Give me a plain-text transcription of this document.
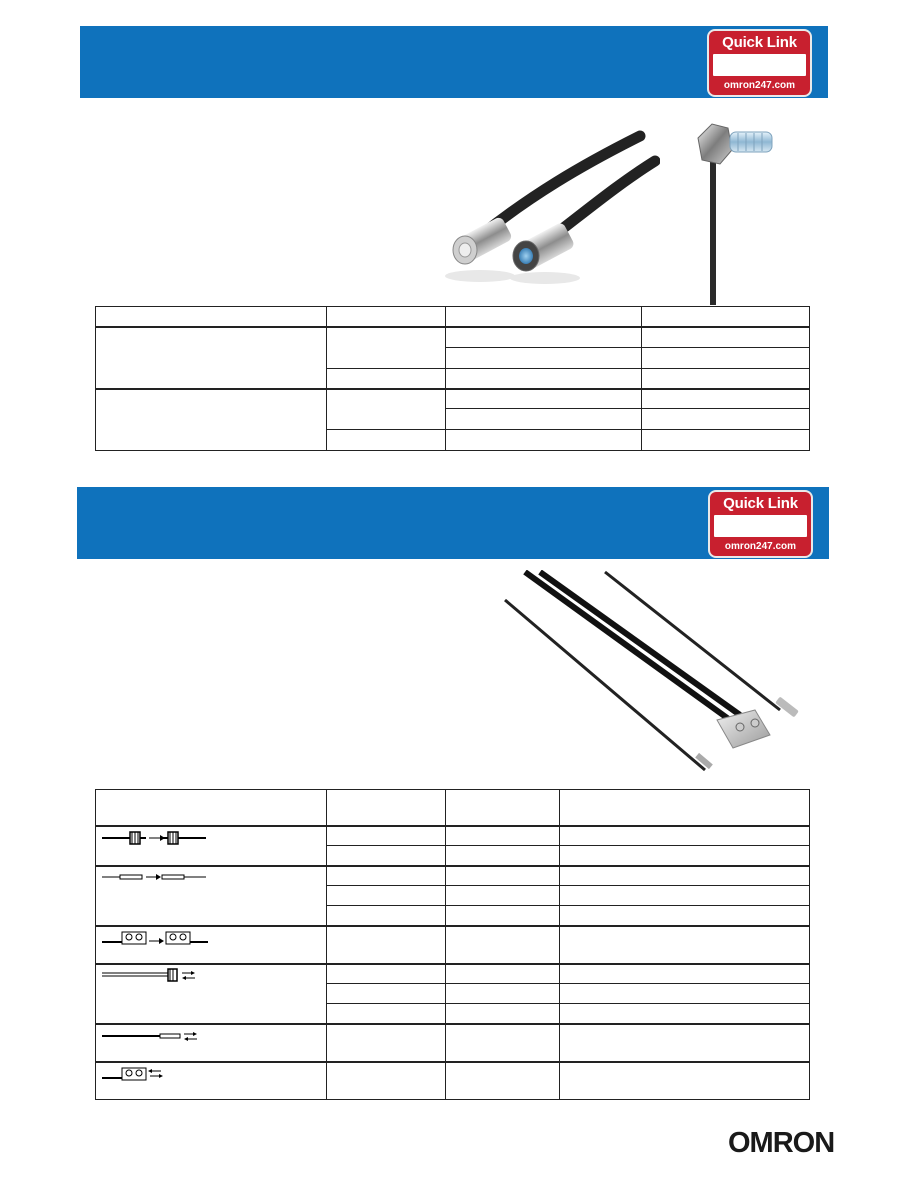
Quick Link
omron247.com

Quick Link
omron247.com

OMRON
